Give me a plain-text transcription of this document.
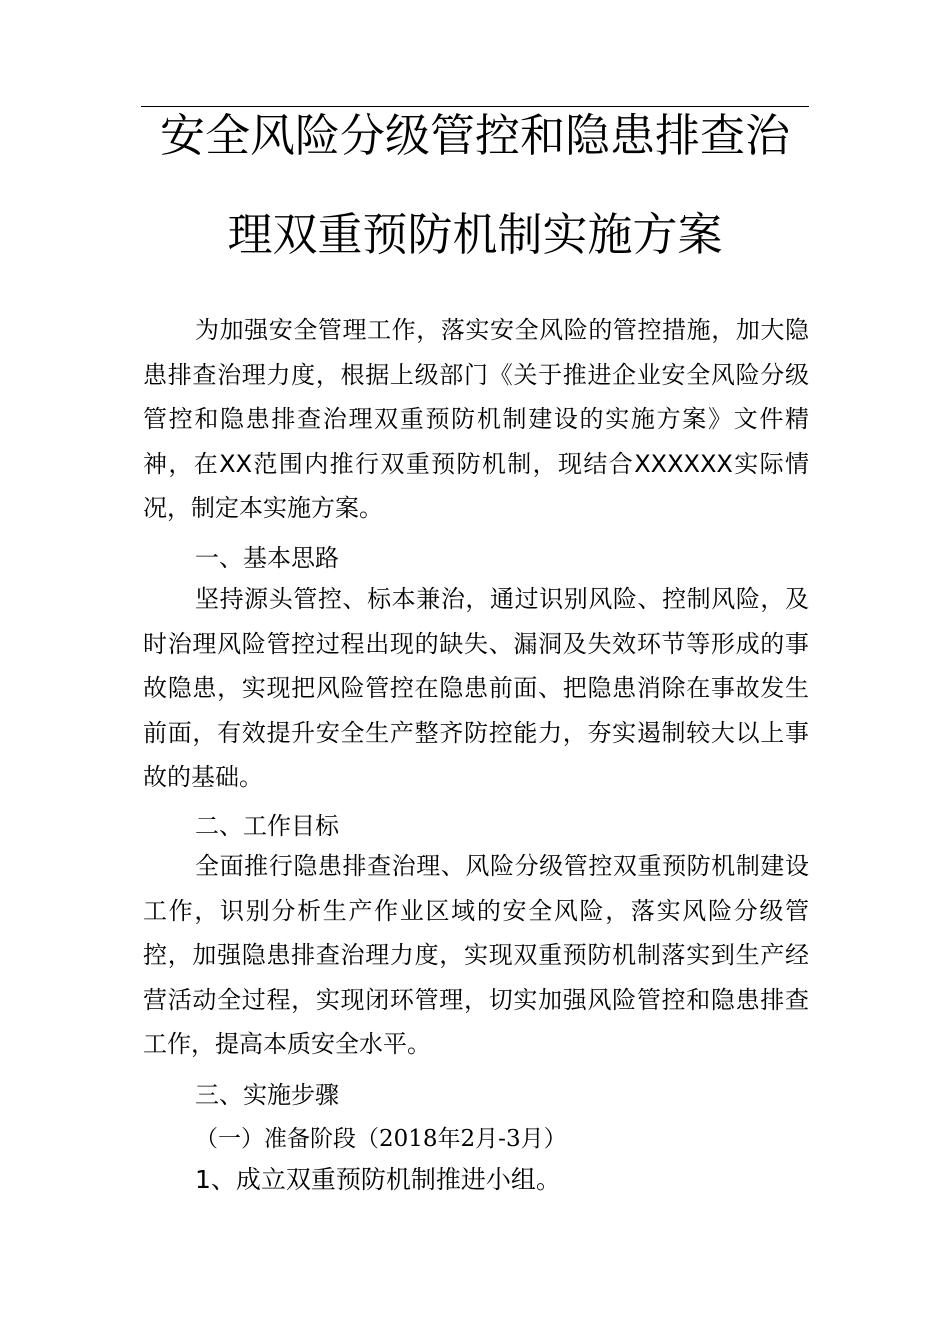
安全风险分级管控和隐患排查治
理双重预防机制实施方案

为加强安全管理工作，落实安全风险的管控措施，加大隐患排查治理力度，根据上级部门《关于推进企业安全风险分级管控和隐患排查治理双重预防机制建设的实施方案》文件精神，在XX范围内推行双重预防机制，现结合XXXXXX实际情况，制定本实施方案。

一、基本思路

坚持源头管控、标本兼治，通过识别风险、控制风险，及时治理风险管控过程出现的缺失、漏洞及失效环节等形成的事故隐患，实现把风险管控在隐患前面、把隐患消除在事故发生前面，有效提升安全生产整齐防控能力，夯实遏制较大以上事故的基础。

二、工作目标

全面推行隐患排查治理、风险分级管控双重预防机制建设工作，识别分析生产作业区域的安全风险，落实风险分级管控，加强隐患排查治理力度，实现双重预防机制落实到生产经营活动全过程，实现闭环管理，切实加强风险管控和隐患排查工作，提高本质安全水平。

三、实施步骤

（一）准备阶段（2018年2月-3月）

1、成立双重预防机制推进小组。
